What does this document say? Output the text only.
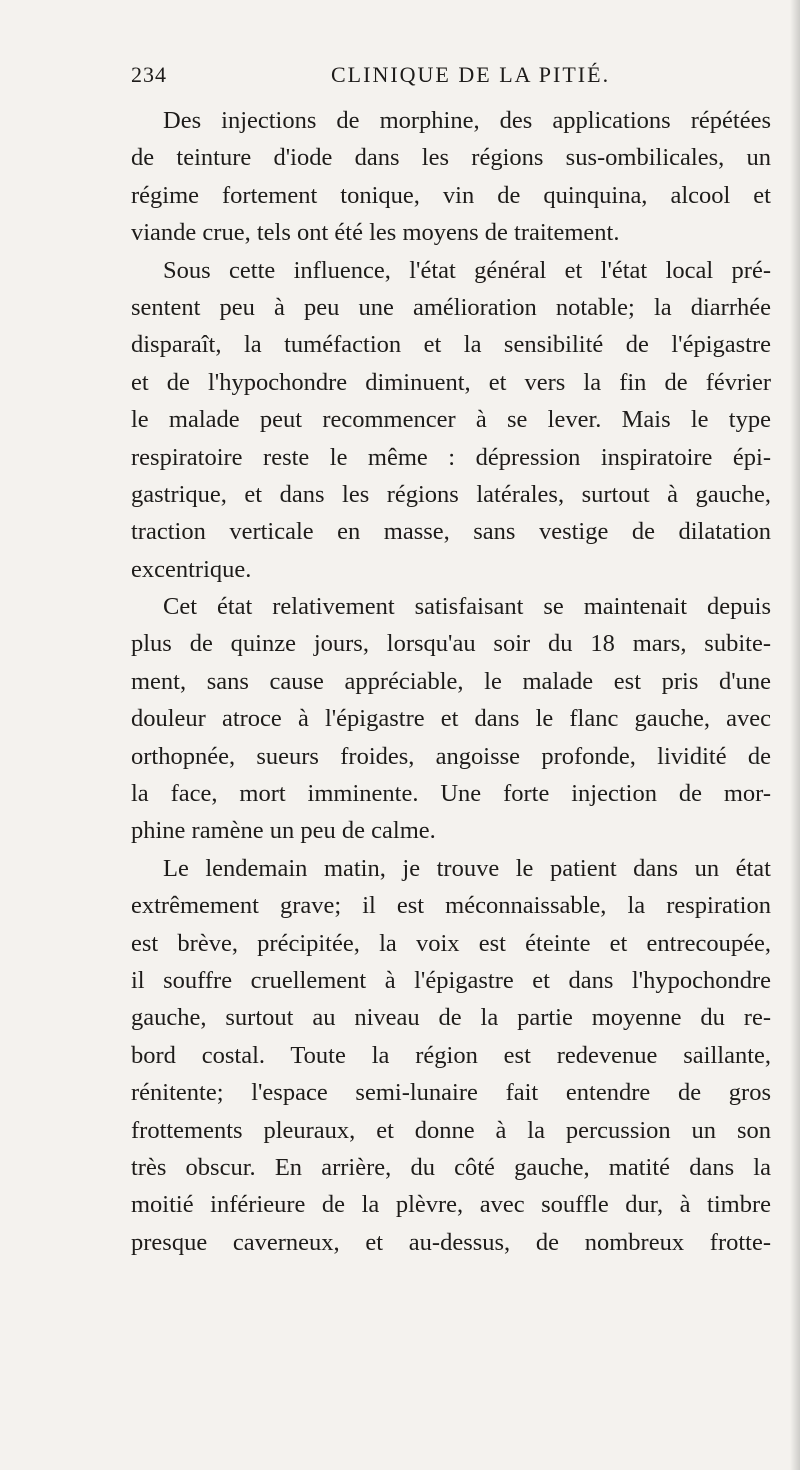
234	CLINIQUE DE LA PITIÉ.
Des injections de morphine, des applications répétées
de teinture d'iode dans les régions sus-ombilicales, un
régime fortement tonique, vin de quinquina, alcool et
viande crue, tels ont été les moyens de traitement.
Sous cette influence, l'état général et l'état local pré-
sentent peu à peu une amélioration notable; la diarrhée
disparaît, la tuméfaction et la sensibilité de l'épigastre
et de l'hypochondre diminuent, et vers la fin de février
le malade peut recommencer à se lever. Mais le type
respiratoire reste le même : dépression inspiratoire épi-
gastrique, et dans les régions latérales, surtout à gauche,
traction verticale en masse, sans vestige de dilatation
excentrique.
Cet état relativement satisfaisant se maintenait depuis
plus de quinze jours, lorsqu'au soir du 18 mars, subite-
ment, sans cause appréciable, le malade est pris d'une
douleur atroce à l'épigastre et dans le flanc gauche, avec
orthopnée, sueurs froides, angoisse profonde, lividité de
la face, mort imminente. Une forte injection de mor-
phine ramène un peu de calme.
Le lendemain matin, je trouve le patient dans un état
extrêmement grave; il est méconnaissable, la respiration
est brève, précipitée, la voix est éteinte et entrecoupée,
il souffre cruellement à l'épigastre et dans l'hypochondre
gauche, surtout au niveau de la partie moyenne du re-
bord costal. Toute la région est redevenue saillante,
rénitente; l'espace semi-lunaire fait entendre de gros
frottements pleuraux, et donne à la percussion un son
très obscur. En arrière, du côté gauche, matité dans la
moitié inférieure de la plèvre, avec souffle dur, à timbre
presque caverneux, et au-dessus, de nombreux frotte-
